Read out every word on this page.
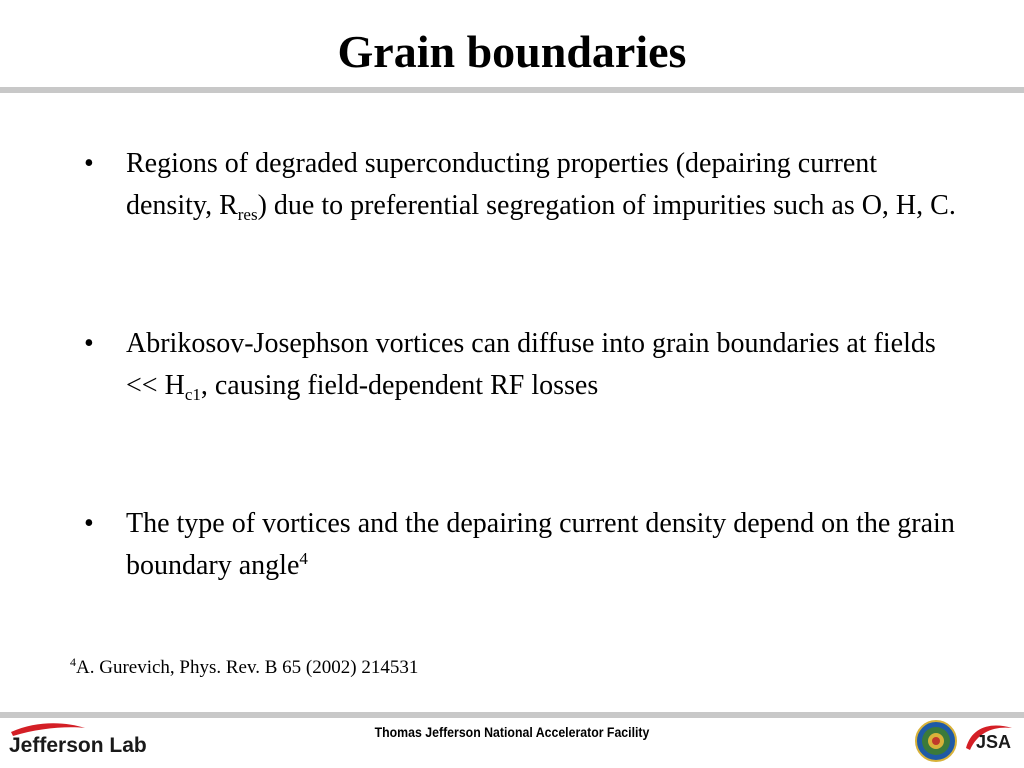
Grain boundaries
•	Regions of degraded superconducting properties (depairing current density, $R_{res}$) due to preferential segregation of impurities such as O, H, C.
•	Abrikosov-Josephson vortices can diffuse into grain boundaries at fields << $H_{c1}$, causing field-dependent RF losses
•	The type of vortices and the depairing current density depend on the grain boundary angle$^4$
$^4$A. Gurevich, Phys. Rev. B 65 (2002) 214531
Jefferson Lab
Thomas Jefferson National Accelerator Facility	JSA
